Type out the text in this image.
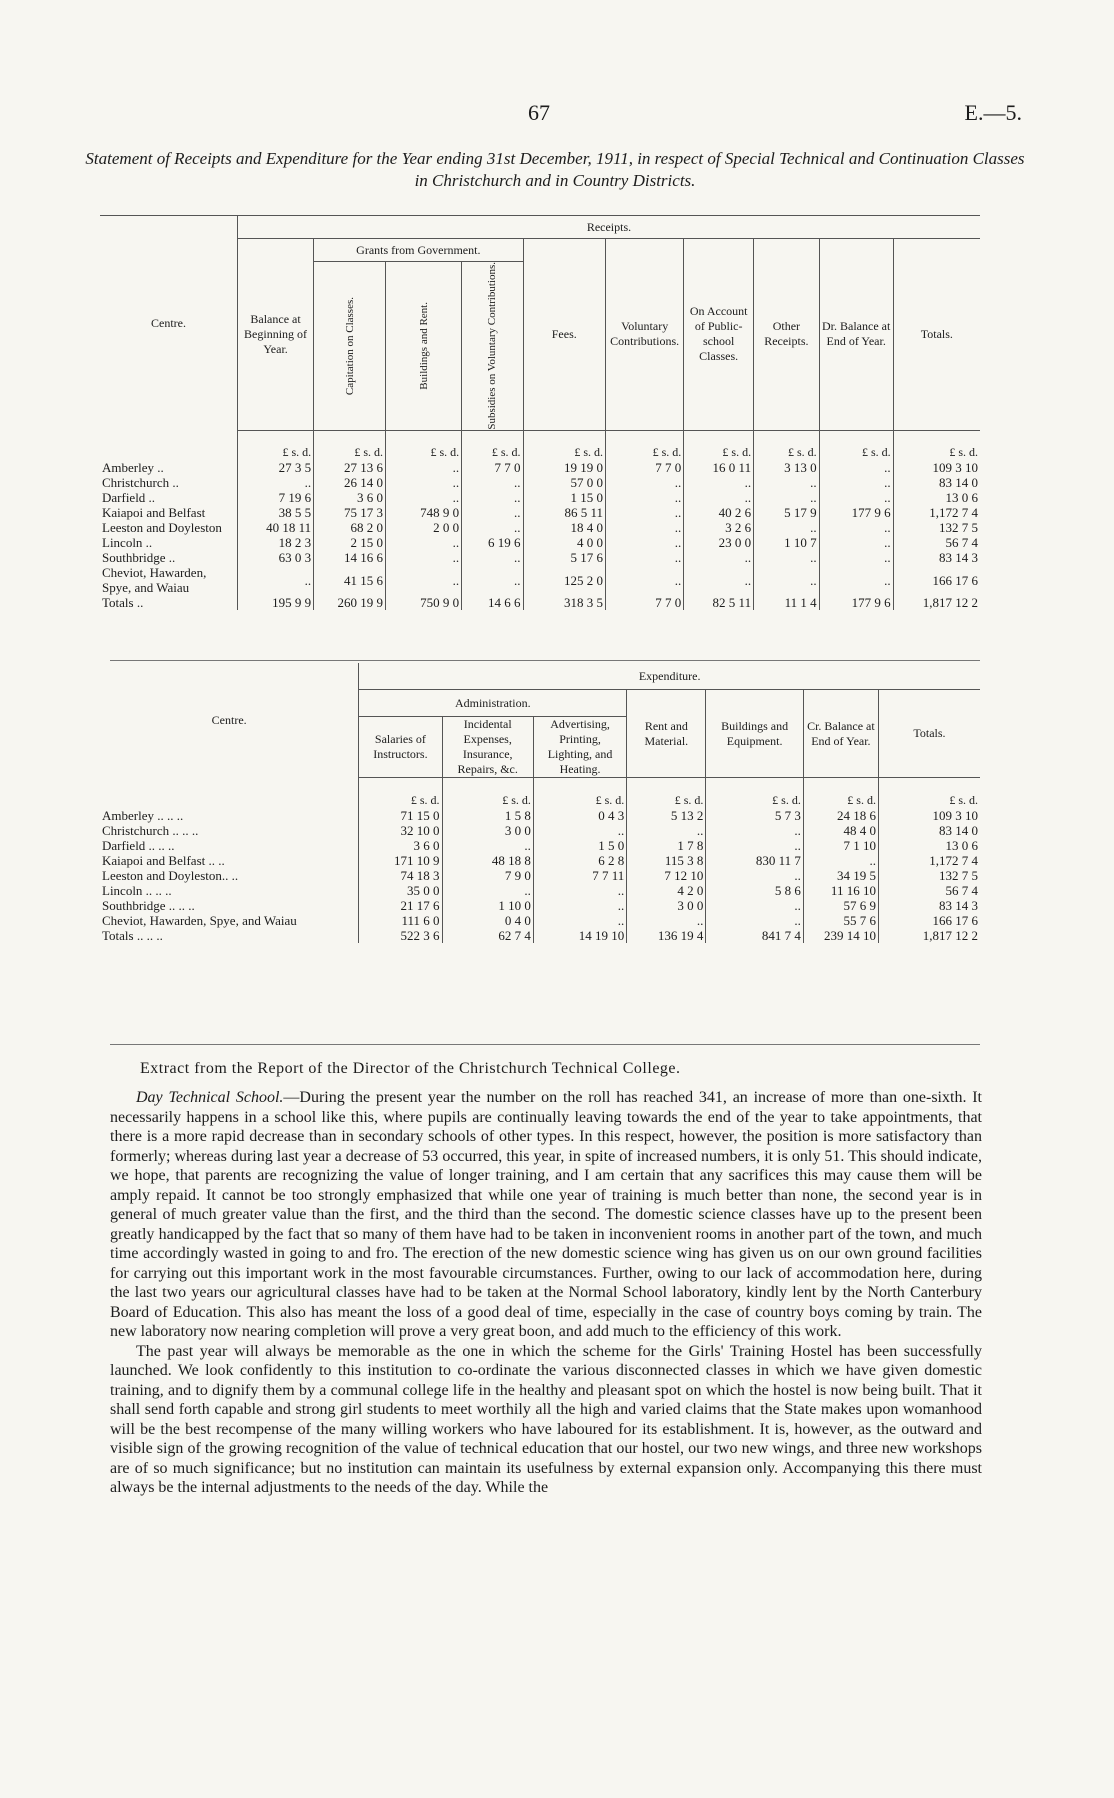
67	E.—5.
Statement of Receipts and Expenditure for the Year ending 31st December, 1911, in respect of Special Technical and Continuation Classes in Christchurch and in Country Districts.
Centre.	Receipts.									
	Balance at Beginning of Year.	Grants from Government.			Fees.	Voluntary Contributions.	On Account of Public-school Classes.	Other Receipts.	Dr. Balance at End of Year.	Totals.

		Capitation on Classes.	Buildings and Rent.	Subsidies on Voluntary Contributions.						

	£ s. d.	£ s. d.	£ s. d.	£ s. d.	£ s. d.	£ s. d.	£ s. d.	£ s. d.	£ s. d.	£ s. d.
Amberley ..	27 3 5	27 13 6	..	7 7 0	19 19 0	7 7 0	16 0 11	3 13 0	..	109 3 10
Christchurch ..	..	26 14 0	..	..	57 0 0	..	..	..	..	83 14 0
Darfield ..	7 19 6	3 6 0	..	..	1 15 0	..	..	..	..	13 0 6
Kaiapoi and Belfast	38 5 5	75 17 3	748 9 0	..	86 5 11	..	40 2 6	5 17 9	177 9 6	1,172 7 4
Leeston and Doyleston	40 18 11	68 2 0	2 0 0	..	18 4 0	..	3 2 6	..	..	132 7 5
Lincoln ..	18 2 3	2 15 0	..	6 19 6	4 0 0	..	23 0 0	1 10 7	..	56 7 4
Southbridge ..	63 0 3	14 16 6	..	..	5 17 6	..	..	..	..	83 14 3
Cheviot, Hawarden, Spye, and Waiau	..	41 15 6	..	..	125 2 0	..	..	..	..	166 17 6
Totals ..	195 9 9	260 19 9	750 9 0	14 6 6	318 3 5	7 7 0	82 5 11	11 1 4	177 9 6	1,817 12 2
Centre.	Expenditure.						
	Administration.			Rent and Material.	Buildings and Equipment.	Cr. Balance at End of Year.	Totals.
	Salaries of Instructors.	Incidental Expenses, Insurance, Repairs, &c.	Advertising, Printing, Lighting, and Heating.				
	£ s. d.	£ s. d.	£ s. d.	£ s. d.	£ s. d.	£ s. d.	£ s. d.
Amberley .. .. ..	71 15 0	1 5 8	0 4 3	5 13 2	5 7 3	24 18 6	109 3 10
Christchurch .. .. ..	32 10 0	3 0 0	..	..	..	48 4 0	83 14 0
Darfield .. .. ..	3 6 0	..	1 5 0	1 7 8	..	7 1 10	13 0 6
Kaiapoi and Belfast .. ..	171 10 9	48 18 8	6 2 8	115 3 8	830 11 7	..	1,172 7 4
Leeston and Doyleston.. ..	74 18 3	7 9 0	7 7 11	7 12 10	..	34 19 5	132 7 5
Lincoln .. .. ..	35 0 0	..	..	4 2 0	5 8 6	11 16 10	56 7 4
Southbridge .. .. ..	21 17 6	1 10 0	..	3 0 0	..	57 6 9	83 14 3
Cheviot, Hawarden, Spye, and Waiau	111 6 0	0 4 0	..	..	..	55 7 6	166 17 6
Totals .. .. ..	522 3 6	62 7 4	14 19 10	136 19 4	841 7 4	239 14 10	1,817 12 2
Extract from the Report of the Director of the Christchurch Technical College.

Day Technical School.—During the present year the number on the roll has reached 341, an increase of more than one-sixth. It necessarily happens in a school like this, where pupils are continually leaving towards the end of the year to take appointments, that there is a more rapid decrease than in secondary schools of other types. In this respect, however, the position is more satisfactory than formerly; whereas during last year a decrease of 53 occurred, this year, in spite of increased numbers, it is only 51. This should indicate, we hope, that parents are recognizing the value of longer training, and I am certain that any sacrifices this may cause them will be amply repaid. It cannot be too strongly emphasized that while one year of training is much better than none, the second year is in general of much greater value than the first, and the third than the second. The domestic science classes have up to the present been greatly handicapped by the fact that so many of them have had to be taken in inconvenient rooms in another part of the town, and much time accordingly wasted in going to and fro. The erection of the new domestic science wing has given us on our own ground facilities for carrying out this important work in the most favourable circumstances. Further, owing to our lack of accommodation here, during the last two years our agricultural classes have had to be taken at the Normal School laboratory, kindly lent by the North Canterbury Board of Education. This also has meant the loss of a good deal of time, especially in the case of country boys coming by train. The new laboratory now nearing completion will prove a very great boon, and add much to the efficiency of this work.

The past year will always be memorable as the one in which the scheme for the Girls' Training Hostel has been successfully launched. We look confidently to this institution to co-ordinate the various disconnected classes in which we have given domestic training, and to dignify them by a communal college life in the healthy and pleasant spot on which the hostel is now being built. That it shall send forth capable and strong girl students to meet worthily all the high and varied claims that the State makes upon womanhood will be the best recompense of the many willing workers who have laboured for its establishment. It is, however, as the outward and visible sign of the growing recognition of the value of technical education that our hostel, our two new wings, and three new workshops are of so much significance; but no institution can maintain its usefulness by external expansion only. Accompanying this there must always be the internal adjustments to the needs of the day. While the
